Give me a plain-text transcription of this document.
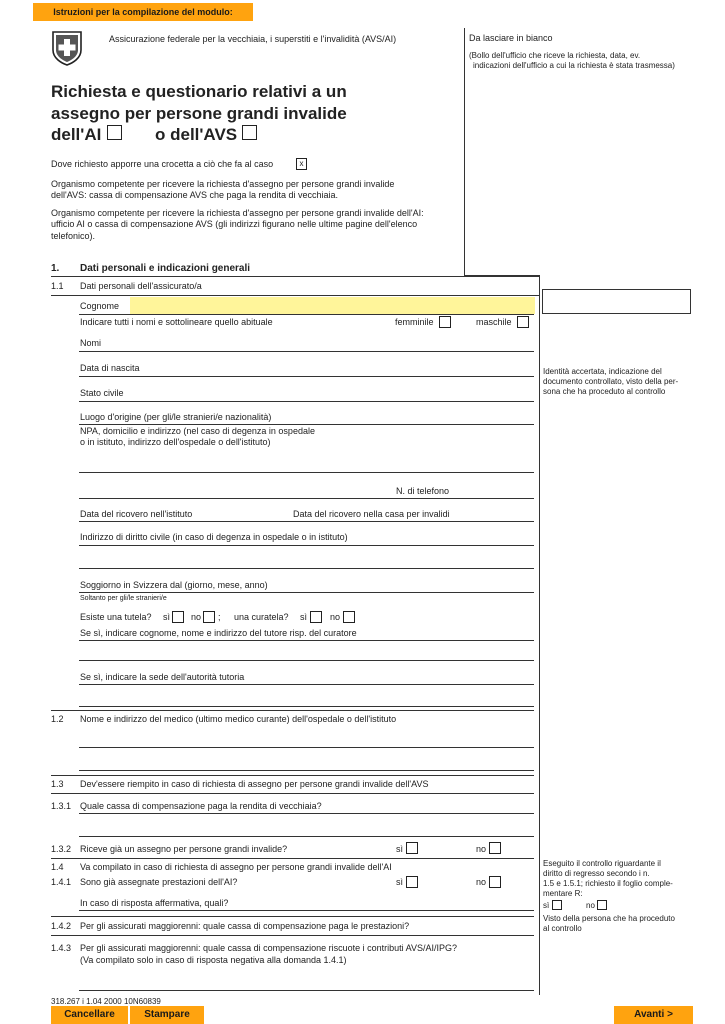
Istruzioni per la compilazione del modulo:
Assicurazione federale per la vecchiaia, i superstiti e l'invalidità (AVS/AI)
Richiesta e questionario relativi a un
assegno per persone grandi invalide
dell'AI	o dell'AVS
Da lasciare in bianco
(Bollo dell'ufficio che riceve la richiesta, data, ev.
indicazioni dell'ufficio a cui la richiesta è stata trasmessa)
Dove richiesto apporre una crocetta a ciò che fa al caso	x
Organismo competente per ricevere la richiesta d'assegno per persone grandi invalide
dell'AVS: cassa di compensazione AVS che paga la rendita di vecchiaia.
Organismo competente per ricevere la richiesta d'assegno per persone grandi invalide dell'AI:
ufficio AI o cassa di compensazione AVS (gli indirizzi figurano nelle ultime pagine dell'elenco
telefonico).
1. Dati personali e indicazioni generali
1.1 Dati personali dell'assicurato/a
Identità accertata, indicazione del
documento controllato, visto della per-
sona che ha proceduto al controllo
Cognome
Indicare tutti i nomi e sottolineare quello abituale	femminile	maschile
Nomi
Data di nascita
Stato civile
Luogo d'origine (per gli/le stranieri/e nazionalità)
NPA, domicilio e indirizzo (nel caso di degenza in ospedale
o in istituto, indirizzo dell'ospedale o dell'istituto)
N. di telefono
Data del ricovero nell'istituto	Data del ricovero nella casa per invalidi
Indirizzo di diritto civile (in caso di degenza in ospedale o in istituto)
Soggiorno in Svizzera dal (giorno, mese, anno)
Soltanto per gli/le stranieri/e
Esiste una tutela? sì no ; una curatela? sì	no
Se sì, indicare cognome, nome e indirizzo del tutore risp. del curatore
Se sì, indicare la sede dell'autorità tutoria
1.2 Nome e indirizzo del medico (ultimo medico curante) dell'ospedale o dell'istituto
1.3 Dev'essere riempito in caso di richiesta di assegno per persone grandi invalide dell'AVS
1.3.1 Quale cassa di compensazione paga la rendita di vecchiaia?
1.3.2 Riceve già un assegno per persone grandi invalide?	sì	no
1.4 Va compilato in caso di richiesta di assegno per persone grandi invalide dell'AI
1.4.1 Sono già assegnate prestazioni dell'AI?	sì	no
In caso di risposta affermativa, quali?
1.4.2 Per gli assicurati maggiorenni: quale cassa di compensazione paga le prestazioni?
1.4.3 Per gli assicurati maggiorenni: quale cassa di compensazione riscuote i contributi AVS/AI/IPG?
(Va compilato solo in caso di risposta negativa alla domanda 1.4.1)
Eseguito il controllo riguardante il
diritto di regresso secondo i n.
1.5 e 1.5.1; richiesto il foglio comple-
mentare R:
sì	no
Visto della persona che ha proceduto
al controllo
318.267 i 1.04 2000 10N60839
Cancellare	Stampare	Avanti >
